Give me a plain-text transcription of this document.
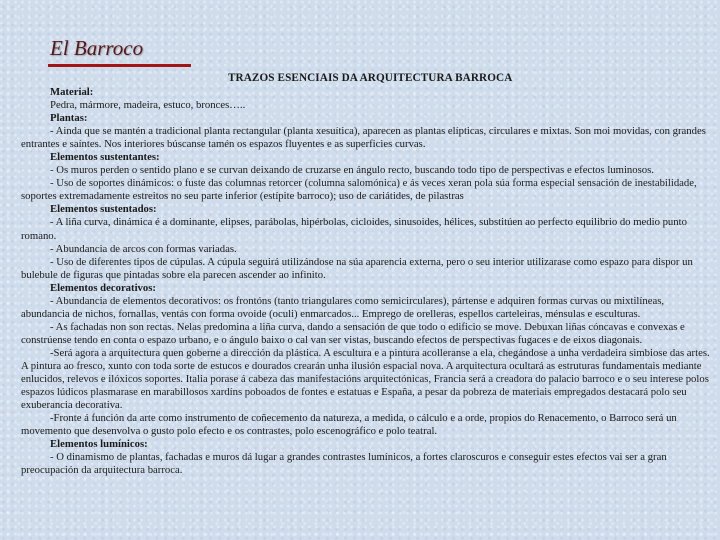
El Barroco
TRAZOS ESENCIAIS DA ARQUITECTURA BARROCA

Material:

Pedra, mármore, madeira, estuco, bronces…..

Plantas:

- Ainda que se mantén a tradicional planta rectangular (planta xesuítica), aparecen as plantas elípticas, circulares e mixtas. Son moi movidas, con grandes entrantes e saíntes. Nos interiores búscanse tamén os espazos fluyentes e as superficies curvas.

Elementos sustentantes:

- Os muros perden o sentido plano e se curvan deixando de cruzarse en ángulo recto, buscando todo tipo de perspectivas e efectos luminosos.

- Uso de soportes dinámicos: o fuste das columnas retorcer (columna salomónica) e ás veces xeran pola súa forma especial sensación de inestabilidade, soportes extremadamente estreitos no seu parte inferior (estípite barroco); uso de cariátides, de pilastras

Elementos sustentados:

- A liña curva, dinámica é a dominante, elipses, parábolas, hipérbolas, cicloides, sinusoides, hélices, substitúen ao perfecto equilibrio do medio punto romano.

- Abundancia de arcos con formas variadas.

- Uso de diferentes tipos de cúpulas. A cúpula seguirá utilizándose na súa aparencia externa, pero o seu interior utilizarase como espazo para dispor un bulebule de figuras que pintadas sobre ela parecen ascender ao infinito.

Elementos decorativos:

- Abundancia de elementos decorativos: os frontóns (tanto triangulares como semicirculares), pártense e adquiren formas curvas ou mixtilíneas, abundancia de nichos, fornallas, ventás con forma ovoide (oculi) enmarcados... Emprego de orelleras, espellos carteleiras, ménsulas e esculturas.

- As fachadas non son rectas. Nelas predomina a liña curva, dando a sensación de que todo o edificio se move. Debuxan liñas cóncavas e convexas e constrúense tendo en conta o espazo urbano, e o ángulo baixo o cal van ser vistas, buscando efectos de perspectivas fugaces e de eixos diagonais.

-Será agora a arquitectura quen goberne a dirección da plástica. A escultura e a pintura acolleranse a ela, chegándose a unha verdadeira simbiose das artes. A pintura ao fresco, xunto con toda sorte de estucos e dourados crearán unha ilusión espacial nova. A arquitectura ocultará as estruturas fundamentais mediante enlucidos, relevos e ilóxicos soportes. Italia porase á cabeza das manifestacións arquitectónicas, Francia será a creadora do palacio barroco e o seu interese polos espazos lúdicos plasmarase en marabillosos xardíns poboados de fontes e estatuas e España, a pesar da pobreza de materiais empregados destacará polo seu exuberancia decorativa.

-Fronte á función da arte como instrumento de coñecemento da natureza, a medida, o cálculo e a orde, propios do Renacemento, o Barroco será un movemento que desenvolva o gusto polo efecto e os contrastes, polo escenográfico e polo teatral.

Elementos lumínicos:

- O dinamismo de plantas, fachadas e muros dá lugar a grandes contrastes lumínicos, a fortes claroscuros e conseguir estes efectos vai ser a gran preocupación da arquitectura barroca.
